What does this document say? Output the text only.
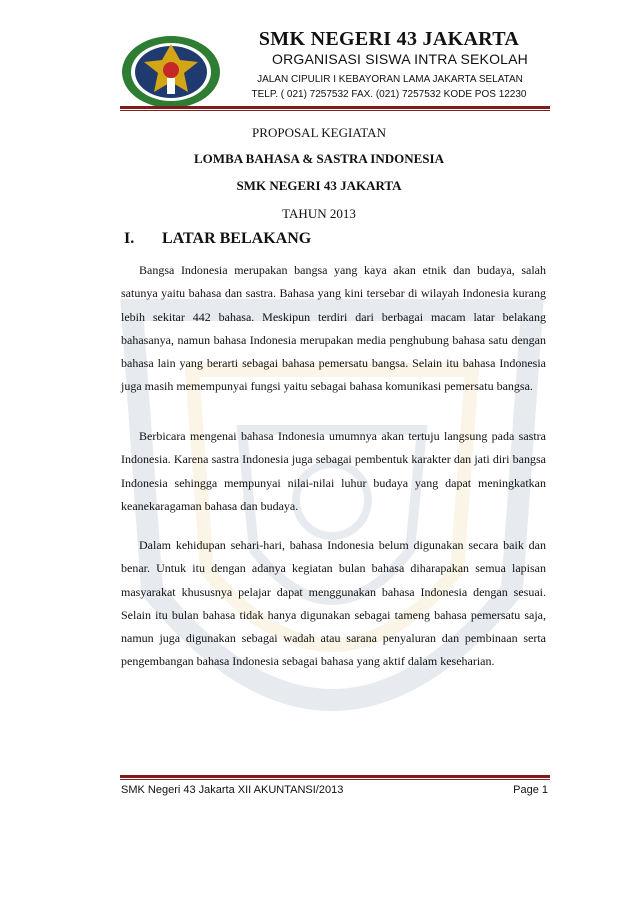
SMK NEGERI 43 JAKARTA
ORGANISASI SISWA INTRA SEKOLAH
JALAN CIPULIR I KEBAYORAN LAMA JAKARTA SELATAN
TELP. ( 021) 7257532 FAX. (021) 7257532 KODE POS 12230
PROPOSAL KEGIATAN
LOMBA BAHASA & SASTRA INDONESIA
SMK NEGERI 43 JAKARTA
TAHUN 2013
I. LATAR BELAKANG

Bangsa Indonesia merupakan bangsa yang kaya akan etnik dan budaya, salah satunya yaitu bahasa dan sastra. Bahasa yang kini tersebar di wilayah Indonesia kurang lebih sekitar 442 bahasa. Meskipun terdiri dari berbagai macam latar belakang bahasanya, namun bahasa Indonesia merupakan media penghubung bahasa satu dengan bahasa lain yang berarti sebagai bahasa pemersatu bangsa. Selain itu bahasa Indonesia juga masih memempunyai fungsi yaitu sebagai bahasa komunikasi pemersatu bangsa.

Berbicara mengenai bahasa Indonesia umumnya akan tertuju langsung pada sastra Indonesia. Karena sastra Indonesia juga sebagai pembentuk karakter dan jati diri bangsa Indonesia sehingga mempunyai nilai-nilai luhur budaya yang dapat meningkatkan keanekaragaman bahasa dan budaya.

Dalam kehidupan sehari-hari, bahasa Indonesia belum digunakan secara baik dan benar. Untuk itu dengan adanya kegiatan bulan bahasa diharapakan semua lapisan masyarakat khususnya pelajar dapat menggunakan bahasa Indonesia dengan sesuai. Selain itu bulan bahasa tidak hanya digunakan sebagai tameng bahasa pemersatu saja, namun juga digunakan sebagai wadah atau sarana penyaluran dan pembinaan serta pengembangan bahasa Indonesia sebagai bahasa yang aktif dalam keseharian.

SMK Negeri 43 Jakarta XII AKUNTANSI/2013	Page 1
